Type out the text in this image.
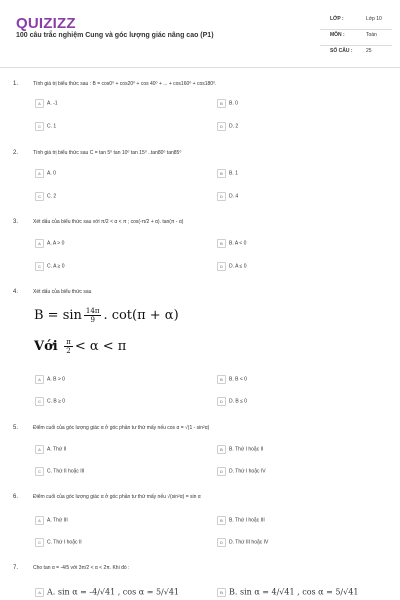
QUIZIZZ
100 câu trắc nghiệm Cung và góc lượng giác nâng cao (P1)
LỚP :	Lớp 10
MÔN :	Toán
SỐ CÂU :	25
1.	Tính giá trị biểu thức sau : B = cos0⁰ + cos20⁰ + cos 40⁰ + ... + cos160⁰ + cos180⁰.
A A. -1	B B. 0
C C. 1	D D. 2
2.	Tính giá trị biểu thức sau C = tan 5⁰ tan 10⁰ tan 15⁰ ..tan80⁰ tan85⁰
A A. 0	B B. 1
C C. 2	D D. 4
3.	Xét dấu của biểu thức sau với π/2 < α < π ; cos(-π/2 + α). tan(π - α)
A A. A > 0	B B. A < 0
C C. A ≥ 0	D D. A ≤ 0
4.	Xét dấu của biểu thức sau
$B = \sin \frac{14\pi}{9}$ . cot(π + α)
Với $\frac{\pi}{2} < \alpha < \pi$
A A. B > 0	B B. B < 0
C C. B ≥ 0	D D. B ≤ 0
5.	Điểm cuối của góc lượng giác α ở góc phần tư thứ mấy nếu cos α = √(1 - sin²α)
A A. Thứ II	B B. Thứ I hoặc II
C C. Thứ II hoặc III	D D. Thứ I hoặc IV
6.	Điểm cuối của góc lượng giác α ở góc phần tư thứ mấy nếu √(sin²α) = sin α
A A. Thứ III	B B. Thứ I hoặc III
C C. Thứ I hoặc II	D D. Thứ III hoặc IV
7.	Cho tan α = -4/5 với 3π/2 < α < 2π. Khi đó :
A A. sin α = -4/√41 , cos α = 5/√41	B B. sin α = 4/√41 , cos α = 5/√41
